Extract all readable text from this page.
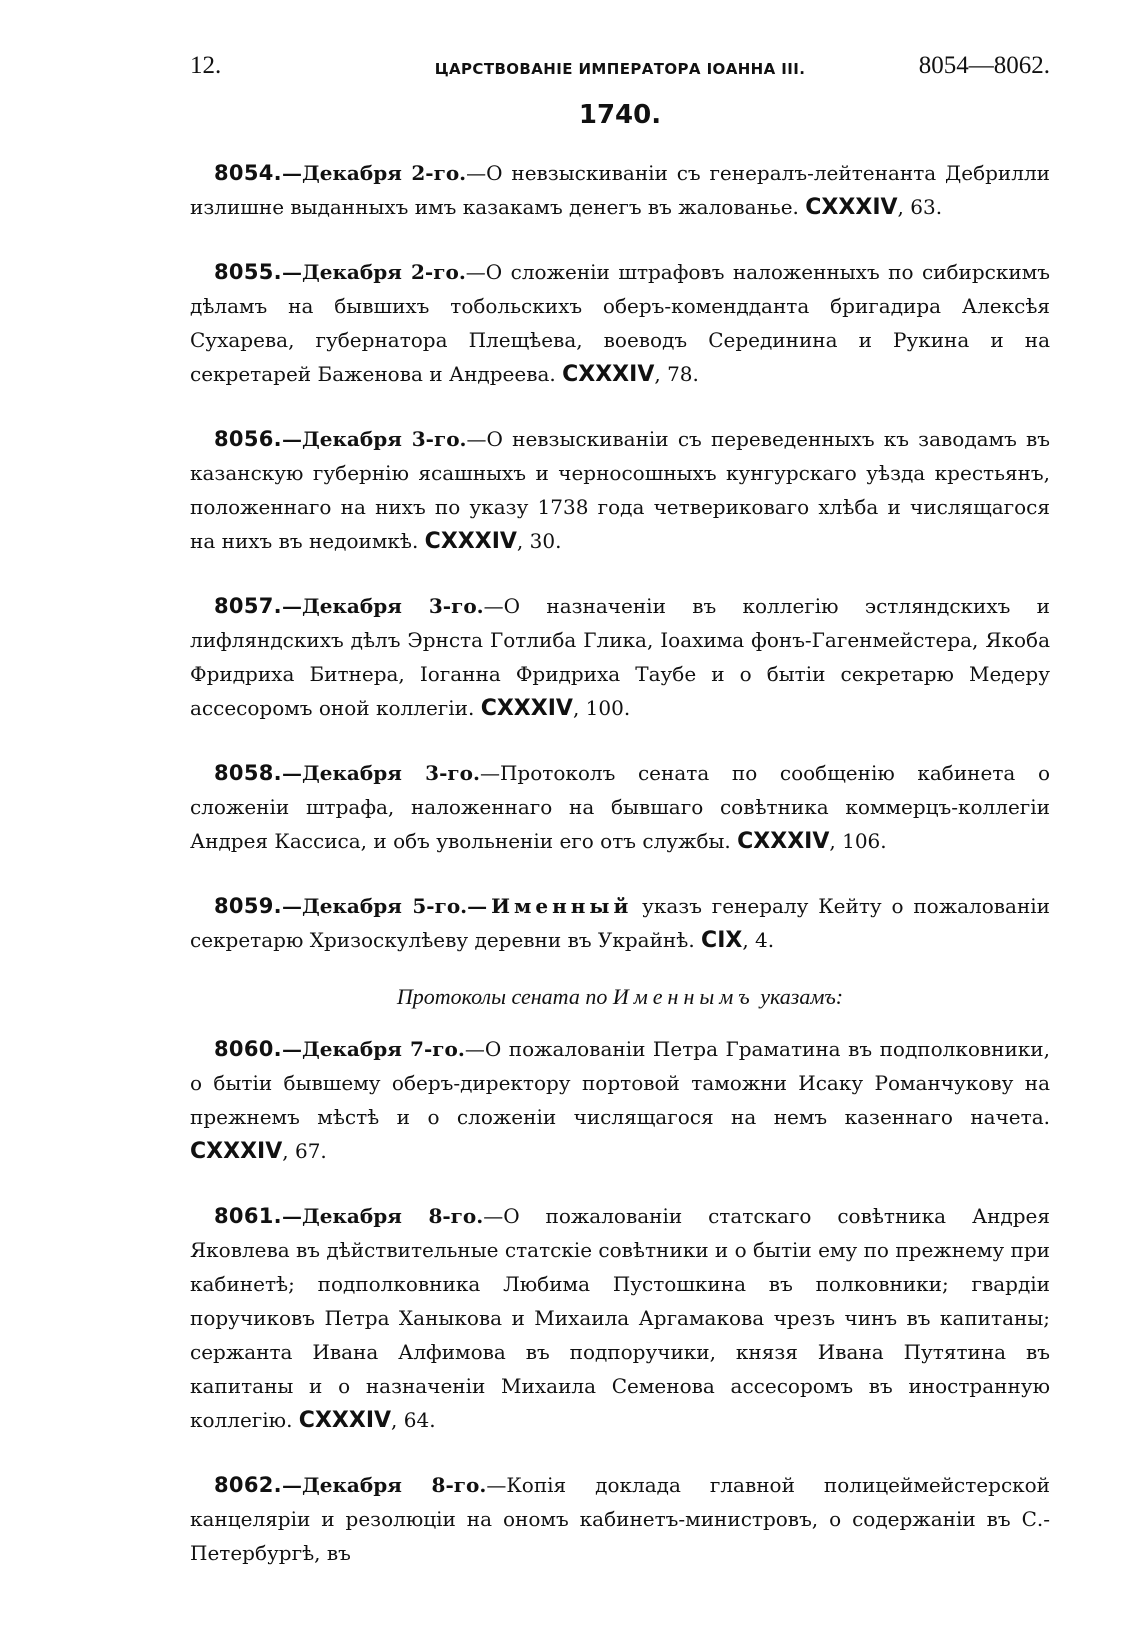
12.	ЦАРСТВОВАНІЕ ИМПЕРАТОРА ІОАННА III.	8054—8062.
1740.

8054.—Декабря 2-го.—О невзыскиваніи съ генералъ-лейтенанта Дебрилли излишне выданныхъ имъ казакамъ денегъ въ жалованье. CXXXIV, 63.

8055.—Декабря 2-го.—О сложеніи штрафовъ наложенныхъ по сибирскимъ дѣламъ на бывшихъ тобольскихъ оберъ-комендданта бригадира Алексѣя Сухарева, губернатора Плещѣева, воеводъ Серединина и Рукина и на секретарей Баженова и Андреева. CXXXIV, 78.

8056.—Декабря 3-го.—О невзыскиваніи съ переведенныхъ къ заводамъ въ казанскую губернію ясашныхъ и черносошныхъ кунгурскаго уѣзда крестьянъ, положеннаго на нихъ по указу 1738 года четвериковаго хлѣба и числящагося на нихъ въ недоимкѣ. CXXXIV, 30.

8057.—Декабря 3-го.—О назначеніи въ коллегію эстляндскихъ и лифляндскихъ дѣлъ Эрнста Готлиба Глика, Іоахима фонъ-Гагенмейстера, Якоба Фридриха Битнера, Іоганна Фридриха Таубе и о бытіи секретарю Медеру ассесоромъ оной коллегіи. CXXXIV, 100.

8058.—Декабря 3-го.—Протоколъ сената по сообщенію кабинета о сложеніи штрафа, наложеннаго на бывшаго совѣтника коммерцъ-коллегіи Андрея Кассиса, и объ увольненіи его отъ службы. CXXXIV, 106.

8059.—Декабря 5-го.—Именный указъ генералу Кейту о пожалованіи секретарю Хризоскулѣеву деревни въ Украйнѣ. CIX, 4.

Протоколы сената по Именнымъ указамъ:

8060.—Декабря 7-го.—О пожалованіи Петра Граматина въ подполковники, о бытіи бывшему оберъ-директору портовой таможни Исаку Романчукову на прежнемъ мѣстѣ и о сложеніи числящагося на немъ казеннаго начета. CXXXIV, 67.

8061.—Декабря 8-го.—О пожалованіи статскаго совѣтника Андрея Яковлева въ дѣйствительные статскіе совѣтники и о бытіи ему по прежнему при кабинетѣ; подполковника Любима Пустошкина въ полковники; гвардіи поручиковъ Петра Ханыкова и Михаила Аргамакова чрезъ чинъ въ капитаны; сержанта Ивана Алфимова въ подпоручики, князя Ивана Путятина въ капитаны и о назначеніи Михаила Семенова ассесоромъ въ иностранную коллегію. CXXXIV, 64.

8062.—Декабря 8-го.—Копія доклада главной полицеймейстерской канцеляріи и резолюціи на ономъ кабинетъ-министровъ, о содержаніи въ С.-Петербургѣ, въ
